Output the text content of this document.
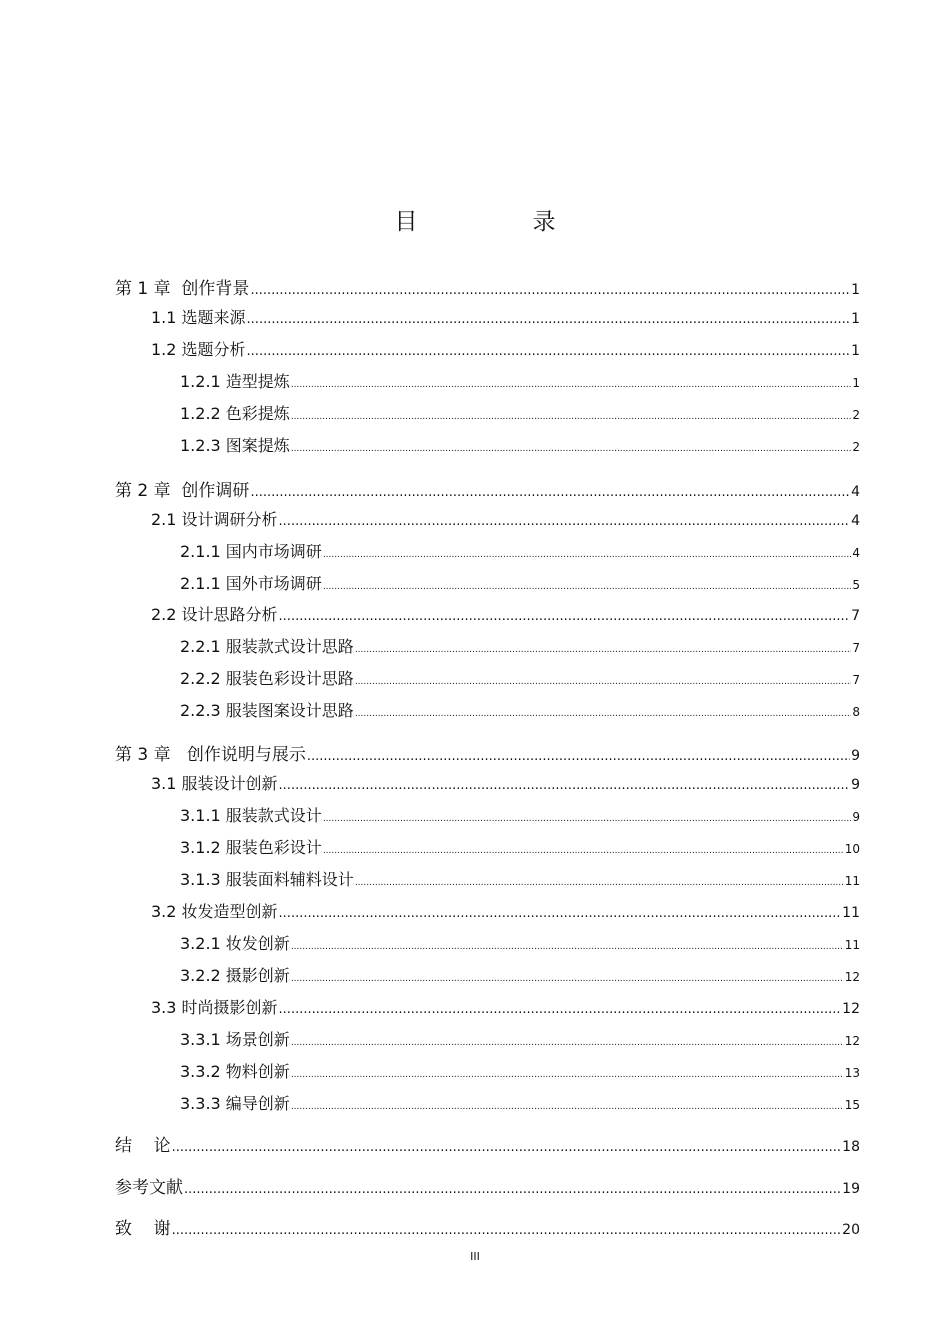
目　录
第 1 章  创作背景 .....	1
1.1 选题来源 .....	1
1.2 选题分析 .....	1
1.2.1 造型提炼 .....	1
1.2.2 色彩提炼 .....	2
1.2.3 图案提炼 .....	2
第 2 章  创作调研 .....	4
2.1 设计调研分析 .....	4
2.1.1 国内市场调研 .....	4
2.1.1 国外市场调研 .....	5
2.2 设计思路分析 .....	7
2.2.1 服装款式设计思路 .....	7
2.2.2 服装色彩设计思路 .....	7
2.2.3 服装图案设计思路 .....	8
第 3 章   创作说明与展示 .....	9
3.1 服装设计创新 .....	9
3.1.1 服装款式设计 .....	9
3.1.2 服装色彩设计 .....	10
3.1.3 服装面料辅料设计 .....	11
3.2 妆发造型创新 .....	11
3.2.1 妆发创新 .....	11
3.2.2 摄影创新 .....	12
3.3 时尚摄影创新 .....	12
3.3.1 场景创新 .....	12
3.3.2 物料创新 .....	13
3.3.3 编导创新 .....	15
结    论 .....	18
参考文献 .....	19
致    谢 .....	20
III
